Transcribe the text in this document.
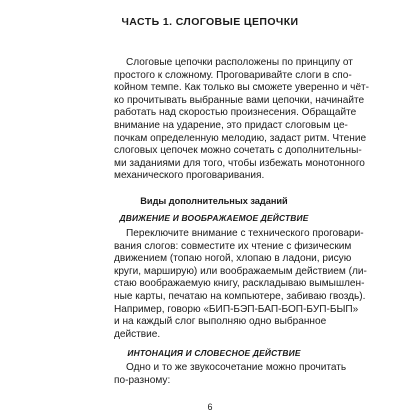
ЧАСТЬ 1. СЛОГОВЫЕ ЦЕПОЧКИ
Слоговые цепочки расположены по принципу от
простого к сложному. Проговаривайте слоги в спо-
койном темпе. Как только вы сможете уверенно и чёт-
ко прочитывать выбранные вами цепочки, начинайте
работать над скоростью произнесения. Обращайте
внимание на ударение, это придаст слоговым це-
почкам определенную мелодию, задаст ритм. Чтение
слоговых цепочек можно сочетать с дополнительны-
ми заданиями для того, чтобы избежать монотонного
механического проговаривания.
Виды дополнительных заданий
ДВИЖЕНИЕ И ВООБРАЖАЕМОЕ ДЕЙСТВИЕ
Переключите внимание с технического проговари-
вания слогов: совместите их чтение с физическим
движением (топаю ногой, хлопаю в ладони, рисую
круги, марширую) или воображаемым действием (ли-
стаю воображаемую книгу, раскладываю вымышлен-
ные карты, печатаю на компьютере, забиваю гвоздь).
Например, говорю «БИП-БЭП-БАП-БОП-БУП-БЫП»
и на каждый слог выполняю одно выбранное
действие.
ИНТОНАЦИЯ И СЛОВЕСНОЕ ДЕЙСТВИЕ
Одно и то же звукосочетание можно прочитать
по-разному:
6
